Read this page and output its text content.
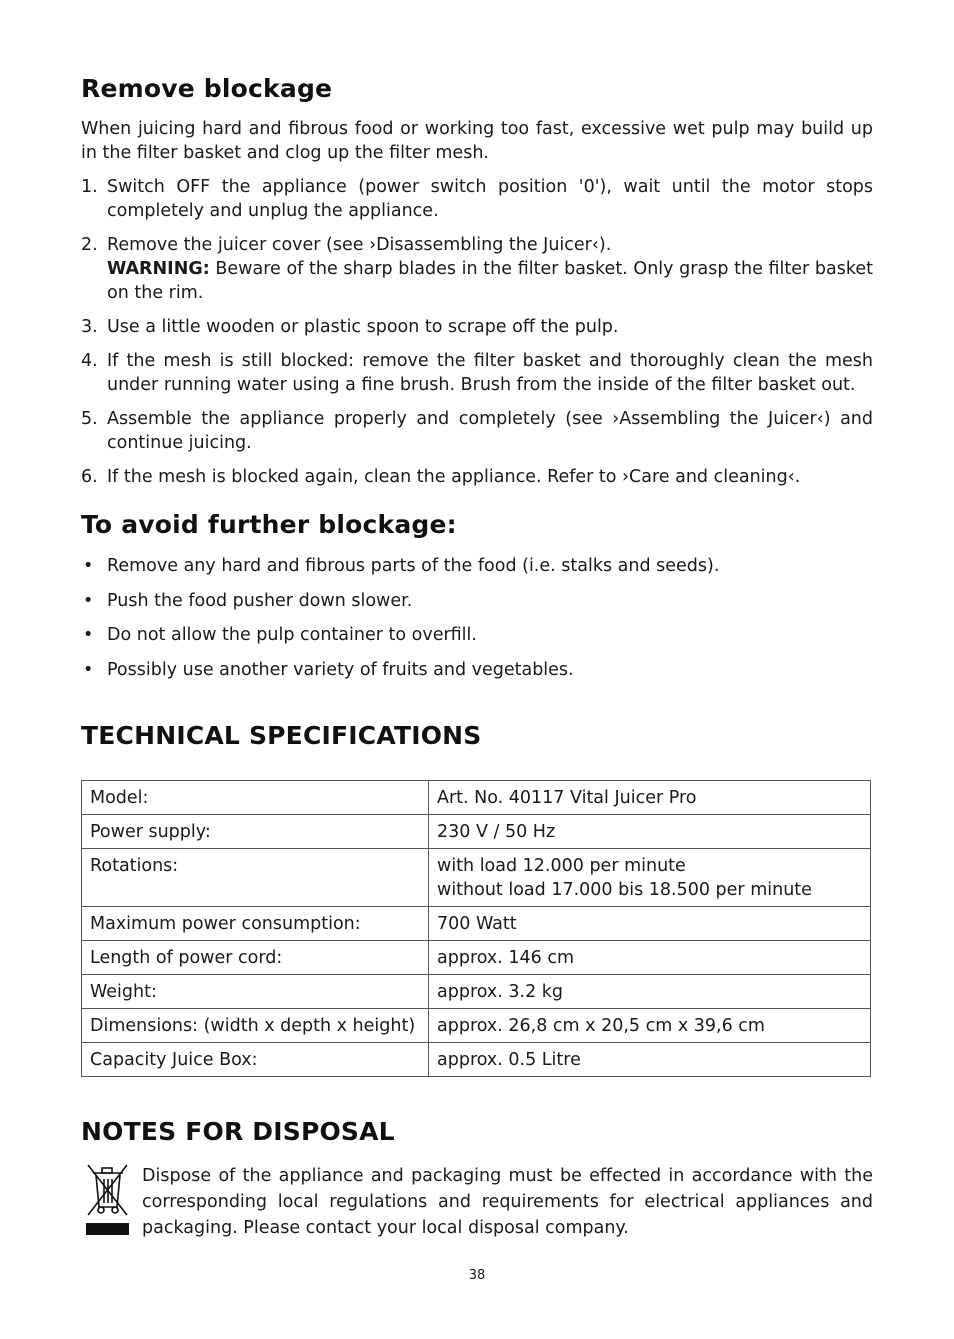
Remove blockage

When juicing hard and fibrous food or working too fast, excessive wet pulp may build up in the filter basket and clog up the filter mesh.

1. Switch OFF the appliance (power switch position '0'), wait until the motor stops completely and unplug the appliance.
2. Remove the juicer cover (see ›Disassembling the Juicer‹).
WARNING: Beware of the sharp blades in the filter basket. Only grasp the filter basket on the rim.
3. Use a little wooden or plastic spoon to scrape off the pulp.
4. If the mesh is still blocked: remove the filter basket and thoroughly clean the mesh under running water using a fine brush. Brush from the inside of the filter basket out.
5. Assemble the appliance properly and completely (see ›Assembling the Juicer‹) and continue juicing.
6. If the mesh is blocked again, clean the appliance. Refer to ›Care and cleaning‹.
To avoid further blockage:
• Remove any hard and fibrous parts of the food (i.e. stalks and seeds).
• Push the food pusher down slower.
• Do not allow the pulp container to overfill.
• Possibly use another variety of fruits and vegetables.
TECHNICAL SPECIFICATIONS
Model:	Art. No. 40117 Vital Juicer Pro
Power supply:	230 V / 50 Hz
Rotations:	with load 12.000 per minute
without load 17.000 bis 18.500 per minute
Maximum power consumption:	700 Watt
Length of power cord:	approx. 146 cm
Weight:	approx. 3.2 kg
Dimensions: (width x depth x height)	approx. 26,8 cm x 20,5 cm x 39,6 cm
Capacity Juice Box:	approx. 0.5 Litre
NOTES FOR DISPOSAL

Dispose of the appliance and packaging must be effected in accordance with the corresponding local regulations and requirements for electrical appliances and packaging. Please contact your local disposal company.

38
